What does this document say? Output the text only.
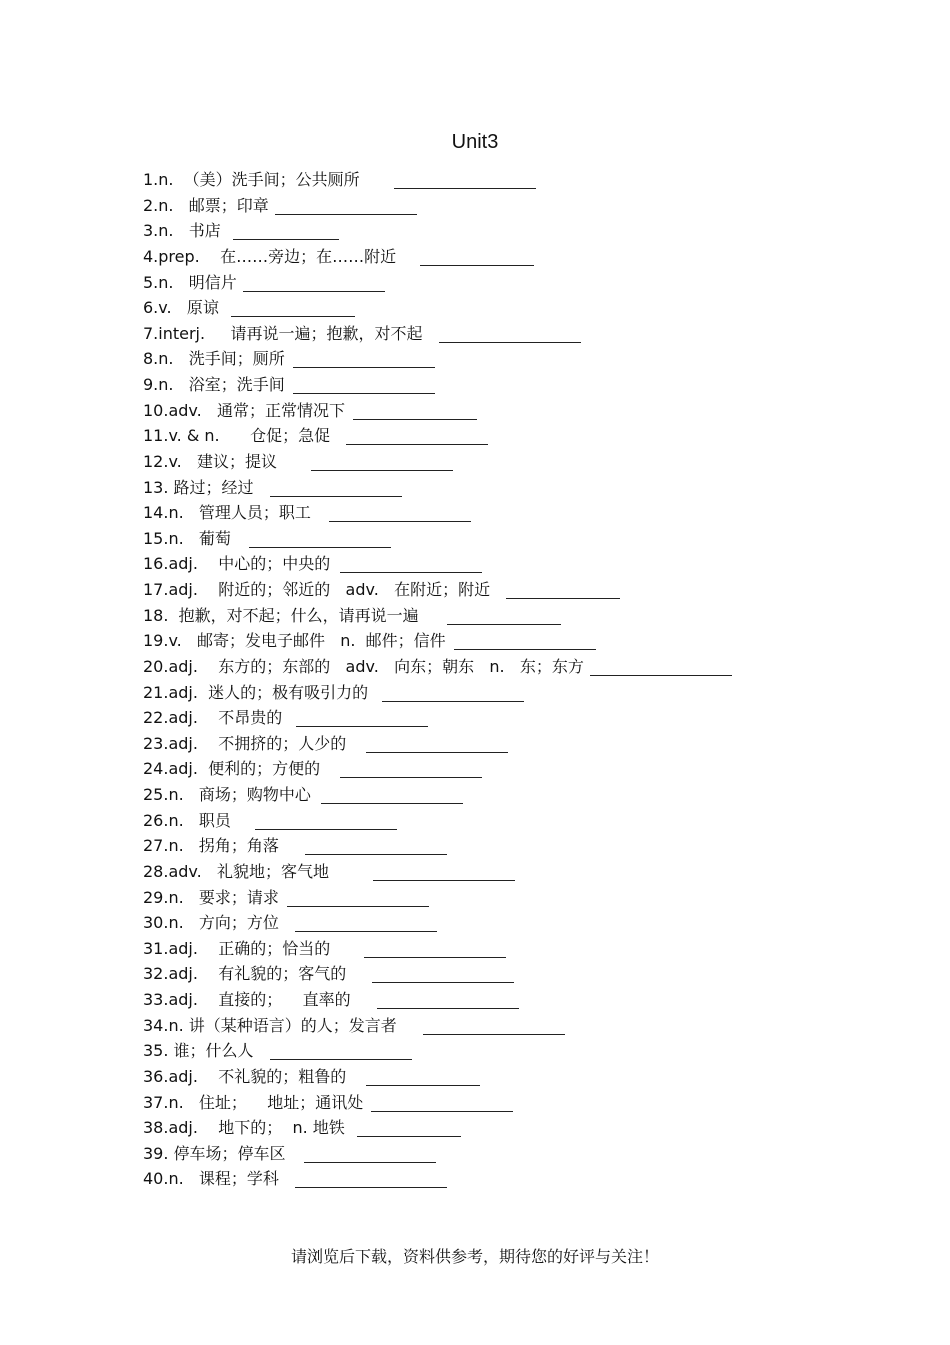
Unit3
1.n.  （美）洗手间；公共厕所
2.n.   邮票；印章
3.n.   书店
4.prep.    在……旁边；在……附近
5.n.   明信片
6.v.   原谅
7.interj.     请再说一遍；抱歉，对不起
8.n.   洗手间；厕所
9.n.   浴室；洗手间
10.adv.   通常；正常情况下
11.v. & n.      仓促；急促
12.v.   建议；提议
13. 路过；经过
14.n.   管理人员；职工
15.n.   葡萄
16.adj.    中心的；中央的
17.adj.    附近的；邻近的   adv.   在附近；附近
18.  抱歉，对不起；什么，请再说一遍
19.v.   邮寄；发电子邮件   n.  邮件；信件
20.adj.    东方的；东部的   adv.   向东；朝东   n.   东；东方
21.adj.  迷人的；极有吸引力的
22.adj.    不昂贵的
23.adj.    不拥挤的；人少的
24.adj.  便利的；方便的
25.n.   商场；购物中心
26.n.   职员
27.n.   拐角；角落
28.adv.   礼貌地；客气地
29.n.   要求；请求
30.n.   方向；方位
31.adj.    正确的；恰当的
32.adj.    有礼貌的；客气的
33.adj.    直接的；    直率的
34.n. 讲（某种语言）的人；发言者
35. 谁；什么人
36.adj.    不礼貌的；粗鲁的
37.n.   住址；    地址；通讯处
38.adj.    地下的；  n. 地铁
39. 停车场；停车区
40.n.   课程；学科
请浏览后下载，资料供参考，期待您的好评与关注！
